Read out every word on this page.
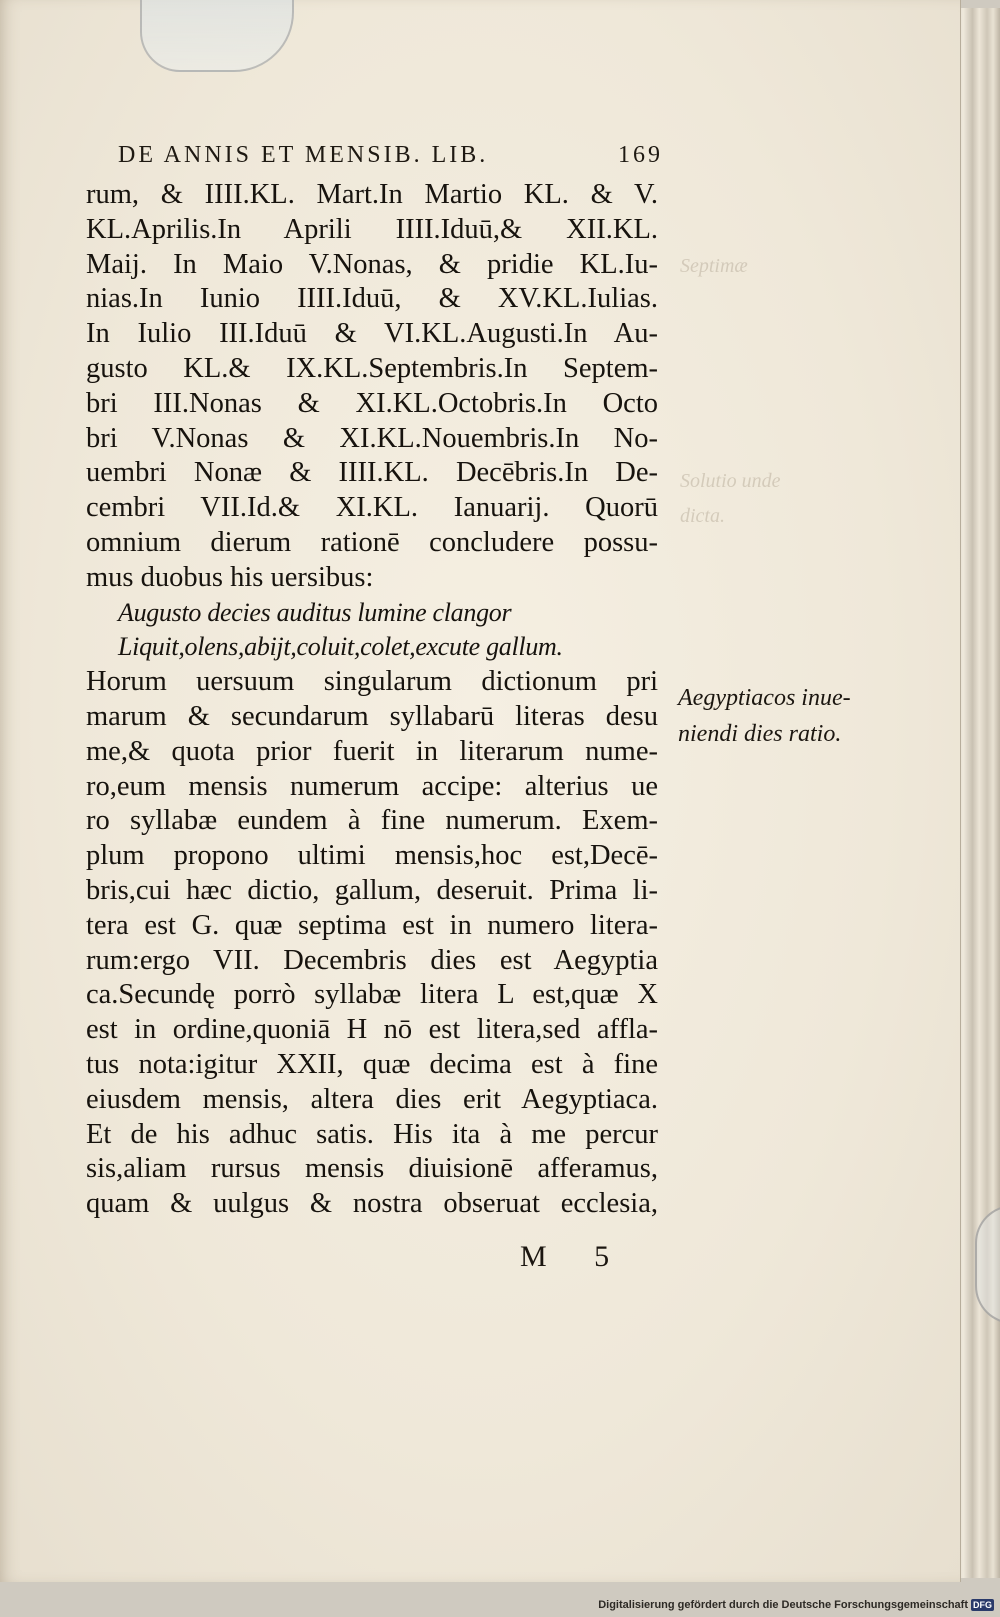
Septimæ
Solutio unde
dicta.
DE ANNIS ET MENSIB. LIB.	169
rum, & IIII.KL. Mart.In Martio KL. & V.
KL.Aprilis.In Aprili IIII.Iduū,& XII.KL.
Maij. In Maio V.Nonas, & pridie KL.Iu-
nias.In Iunio IIII.Iduū, & XV.KL.Iulias.
In Iulio III.Iduū & VI.KL.Augusti.In Au-
gusto KL.& IX.KL.Septembris.In Septem-
bri III.Nonas & XI.KL.Octobris.In Octo
bri V.Nonas & XI.KL.Nouembris.In No-
uembri Nonæ & IIII.KL. Decēbris.In De-
cembri VII.Id.& XI.KL. Ianuarij. Quorū
omnium dierum rationē concludere possu-
mus duobus his uersibus:
Augusto decies auditus lumine clangor
Liquit,olens,abijt,coluit,colet,excute gallum.
Horum uersuum singularum dictionum pri
marum & secundarum syllabarū literas desu
me,& quota prior fuerit in literarum nume-
ro,eum mensis numerum accipe: alterius ue
ro syllabæ eundem à fine numerum. Exem-
plum propono ultimi mensis,hoc est,Decē-
bris,cui hæc dictio, gallum, deseruit. Prima li-
tera est G. quæ septima est in numero litera-
rum:ergo VII. Decembris dies est Aegyptia
ca.Secundę porrò syllabæ litera L est,quæ X
est in ordine,quoniā H nō est litera,sed affla-
tus nota:igitur XXII, quæ decima est à fine
eiusdem mensis, altera dies erit Aegyptiaca.
Et de his adhuc satis. His ita à me percur
sis,aliam rursus mensis diuisionē afferamus,
quam & uulgus & nostra obseruat ecclesia,
Aegyptiacos inue-
niendi dies ratio.
M 5
Digitalisierung gefördert durch die Deutsche Forschungsgemeinschaft DFG
